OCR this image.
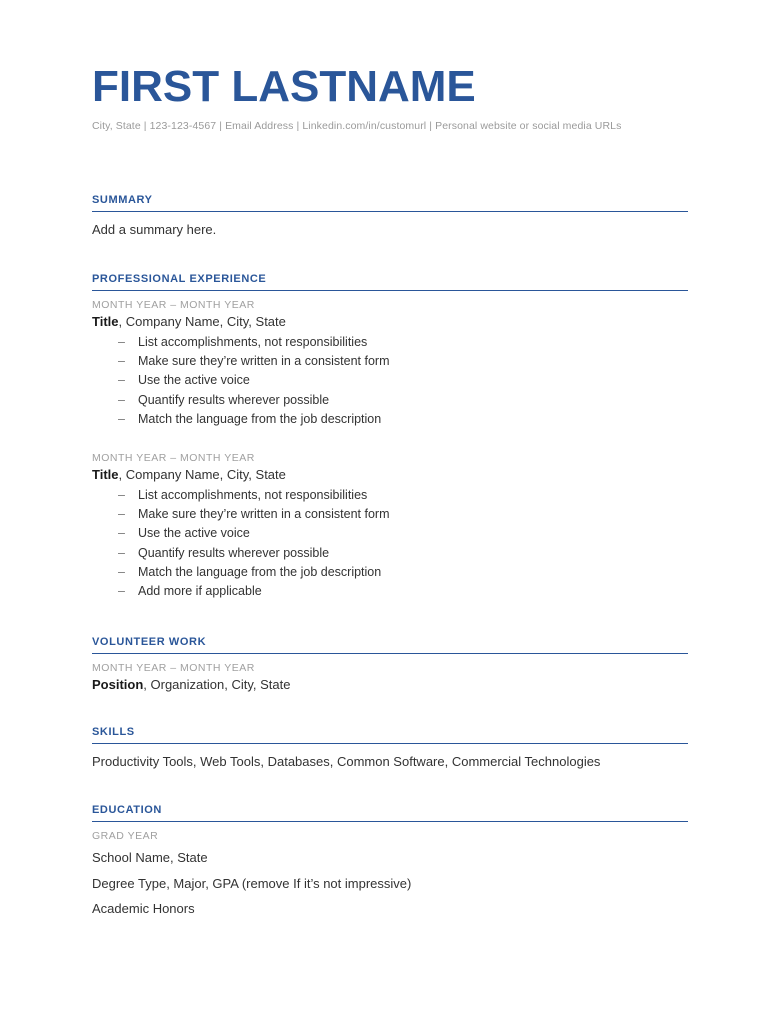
FIRST LASTNAME
City, State | 123-123-4567 | Email Address | Linkedin.com/in/customurl | Personal website or social media URLs
SUMMARY
Add a summary here.
PROFESSIONAL EXPERIENCE
MONTH YEAR – MONTH YEAR
Title, Company Name, City, State
– List accomplishments, not responsibilities
– Make sure they’re written in a consistent form
– Use the active voice
– Quantify results wherever possible
– Match the language from the job description
MONTH YEAR – MONTH YEAR
Title, Company Name, City, State
– List accomplishments, not responsibilities
– Make sure they’re written in a consistent form
– Use the active voice
– Quantify results wherever possible
– Match the language from the job description
– Add more if applicable
VOLUNTEER WORK
MONTH YEAR – MONTH YEAR
Position, Organization, City, State
SKILLS
Productivity Tools, Web Tools, Databases, Common Software, Commercial Technologies
EDUCATION
GRAD YEAR
School Name, State
Degree Type, Major, GPA (remove If it’s not impressive)
Academic Honors
